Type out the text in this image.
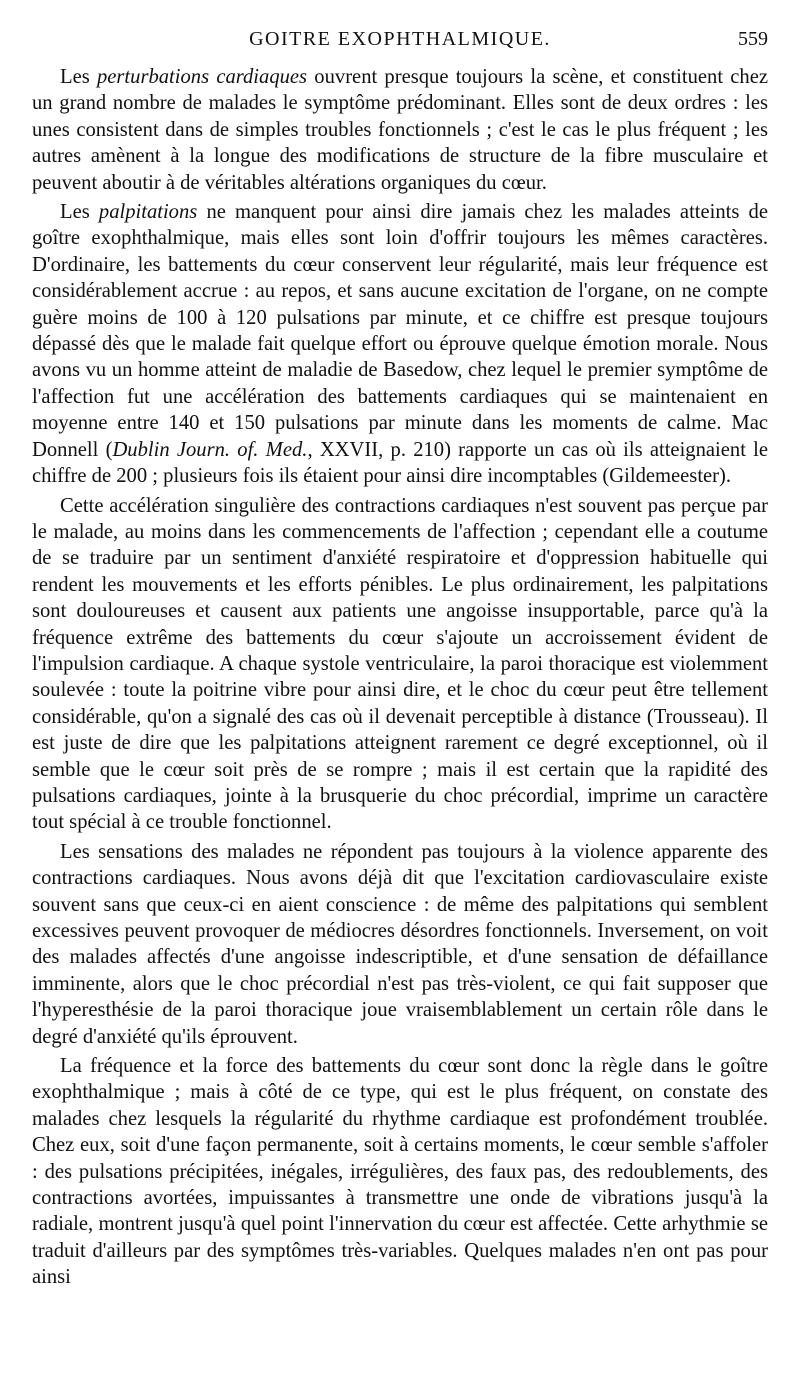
GOITRE EXOPHTHALMIQUE.	559

Les perturbations cardiaques ouvrent presque toujours la scène, et constituent chez un grand nombre de malades le symptôme prédominant. Elles sont de deux ordres : les unes consistent dans de simples troubles fonctionnels ; c'est le cas le plus fréquent ; les autres amènent à la longue des modifications de structure de la fibre musculaire et peuvent aboutir à de véritables altérations organiques du cœur.

Les palpitations ne manquent pour ainsi dire jamais chez les malades atteints de goître exophthalmique, mais elles sont loin d'offrir toujours les mêmes caractères. D'ordinaire, les battements du cœur conservent leur régularité, mais leur fréquence est considérablement accrue : au repos, et sans aucune excitation de l'organe, on ne compte guère moins de 100 à 120 pulsations par minute, et ce chiffre est presque toujours dépassé dès que le malade fait quelque effort ou éprouve quelque émotion morale. Nous avons vu un homme atteint de maladie de Basedow, chez lequel le premier symptôme de l'affection fut une accélération des battements cardiaques qui se maintenaient en moyenne entre 140 et 150 pulsations par minute dans les moments de calme. Mac Donnell (Dublin Journ. of. Med., XXVII, p. 210) rapporte un cas où ils atteignaient le chiffre de 200 ; plusieurs fois ils étaient pour ainsi dire incomptables (Gildemeester).

Cette accélération singulière des contractions cardiaques n'est souvent pas perçue par le malade, au moins dans les commencements de l'affection ; cependant elle a coutume de se traduire par un sentiment d'anxiété respiratoire et d'oppression habituelle qui rendent les mouvements et les efforts pénibles. Le plus ordinairement, les palpitations sont douloureuses et causent aux patients une angoisse insupportable, parce qu'à la fréquence extrême des battements du cœur s'ajoute un accroissement évident de l'impulsion cardiaque. A chaque systole ventriculaire, la paroi thoracique est violemment soulevée : toute la poitrine vibre pour ainsi dire, et le choc du cœur peut être tellement considérable, qu'on a signalé des cas où il devenait perceptible à distance (Trousseau). Il est juste de dire que les palpitations atteignent rarement ce degré exceptionnel, où il semble que le cœur soit près de se rompre ; mais il est certain que la rapidité des pulsations cardiaques, jointe à la brusquerie du choc précordial, imprime un caractère tout spécial à ce trouble fonctionnel.

Les sensations des malades ne répondent pas toujours à la violence apparente des contractions cardiaques. Nous avons déjà dit que l'excitation cardiovasculaire existe souvent sans que ceux-ci en aient conscience : de même des palpitations qui semblent excessives peuvent provoquer de médiocres désordres fonctionnels. Inversement, on voit des malades affectés d'une angoisse indescriptible, et d'une sensation de défaillance imminente, alors que le choc précordial n'est pas très-violent, ce qui fait supposer que l'hyperesthésie de la paroi thoracique joue vraisemblablement un certain rôle dans le degré d'anxiété qu'ils éprouvent.

La fréquence et la force des battements du cœur sont donc la règle dans le goître exophthalmique ; mais à côté de ce type, qui est le plus fréquent, on constate des malades chez lesquels la régularité du rhythme cardiaque est profondément troublée. Chez eux, soit d'une façon permanente, soit à certains moments, le cœur semble s'affoler : des pulsations précipitées, inégales, irrégulières, des faux pas, des redoublements, des contractions avortées, impuissantes à transmettre une onde de vibrations jusqu'à la radiale, montrent jusqu'à quel point l'innervation du cœur est affectée. Cette arhythmie se traduit d'ailleurs par des symptômes très-variables. Quelques malades n'en ont pas pour ainsi
